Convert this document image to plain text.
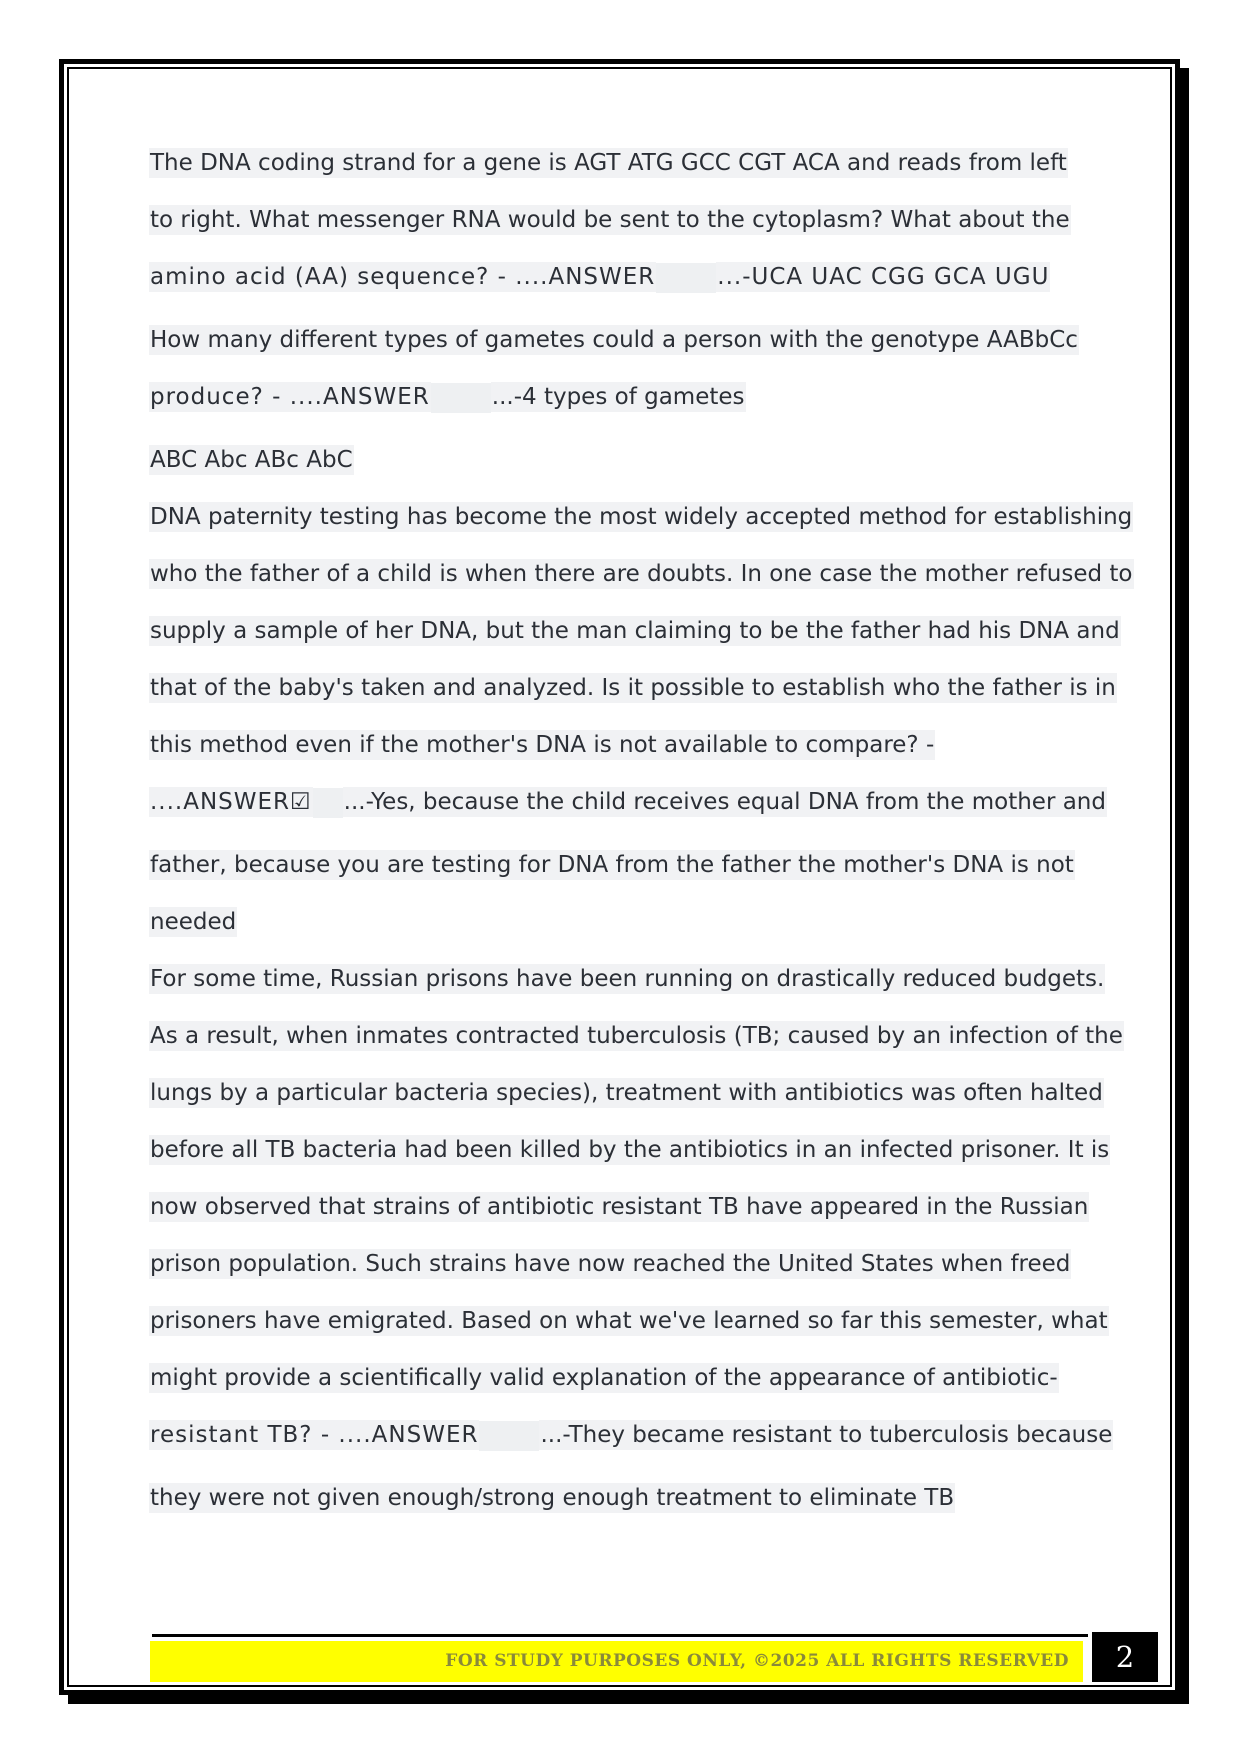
The DNA coding strand for a gene is AGT ATG GCC CGT ACA and reads from left

to right. What messenger RNA would be sent to the cytoplasm? What about the

amino acid (AA) sequence? - ....ANSWER	...-UCA UAC CGG GCA UGU

How many different types of gametes could a person with the genotype AABbCc

produce? - ....ANSWER	...-4 types of gametes

ABC Abc ABc AbC

DNA paternity testing has become the most widely accepted method for establishing

who the father of a child is when there are doubts. In one case the mother refused to

supply a sample of her DNA, but the man claiming to be the father had his DNA and

that of the baby's taken and analyzed. Is it possible to establish who the father is in

this method even if the mother's DNA is not available to compare? -

....ANSWER☑ ...-Yes, because the child receives equal DNA from the mother and

father, because you are testing for DNA from the father the mother's DNA is not

needed

For some time, Russian prisons have been running on drastically reduced budgets.

As a result, when inmates contracted tuberculosis (TB; caused by an infection of the

lungs by a particular bacteria species), treatment with antibiotics was often halted

before all TB bacteria had been killed by the antibiotics in an infected prisoner. It is

now observed that strains of antibiotic resistant TB have appeared in the Russian

prison population. Such strains have now reached the United States when freed

prisoners have emigrated. Based on what we've learned so far this semester, what

might provide a scientifically valid explanation of the appearance of antibiotic-

resistant TB? - ....ANSWER	...-They became resistant to tuberculosis because

they were not given enough/strong enough treatment to eliminate TB

FOR STUDY PURPOSES ONLY, ©2025 ALL RIGHTS RESERVED	2
